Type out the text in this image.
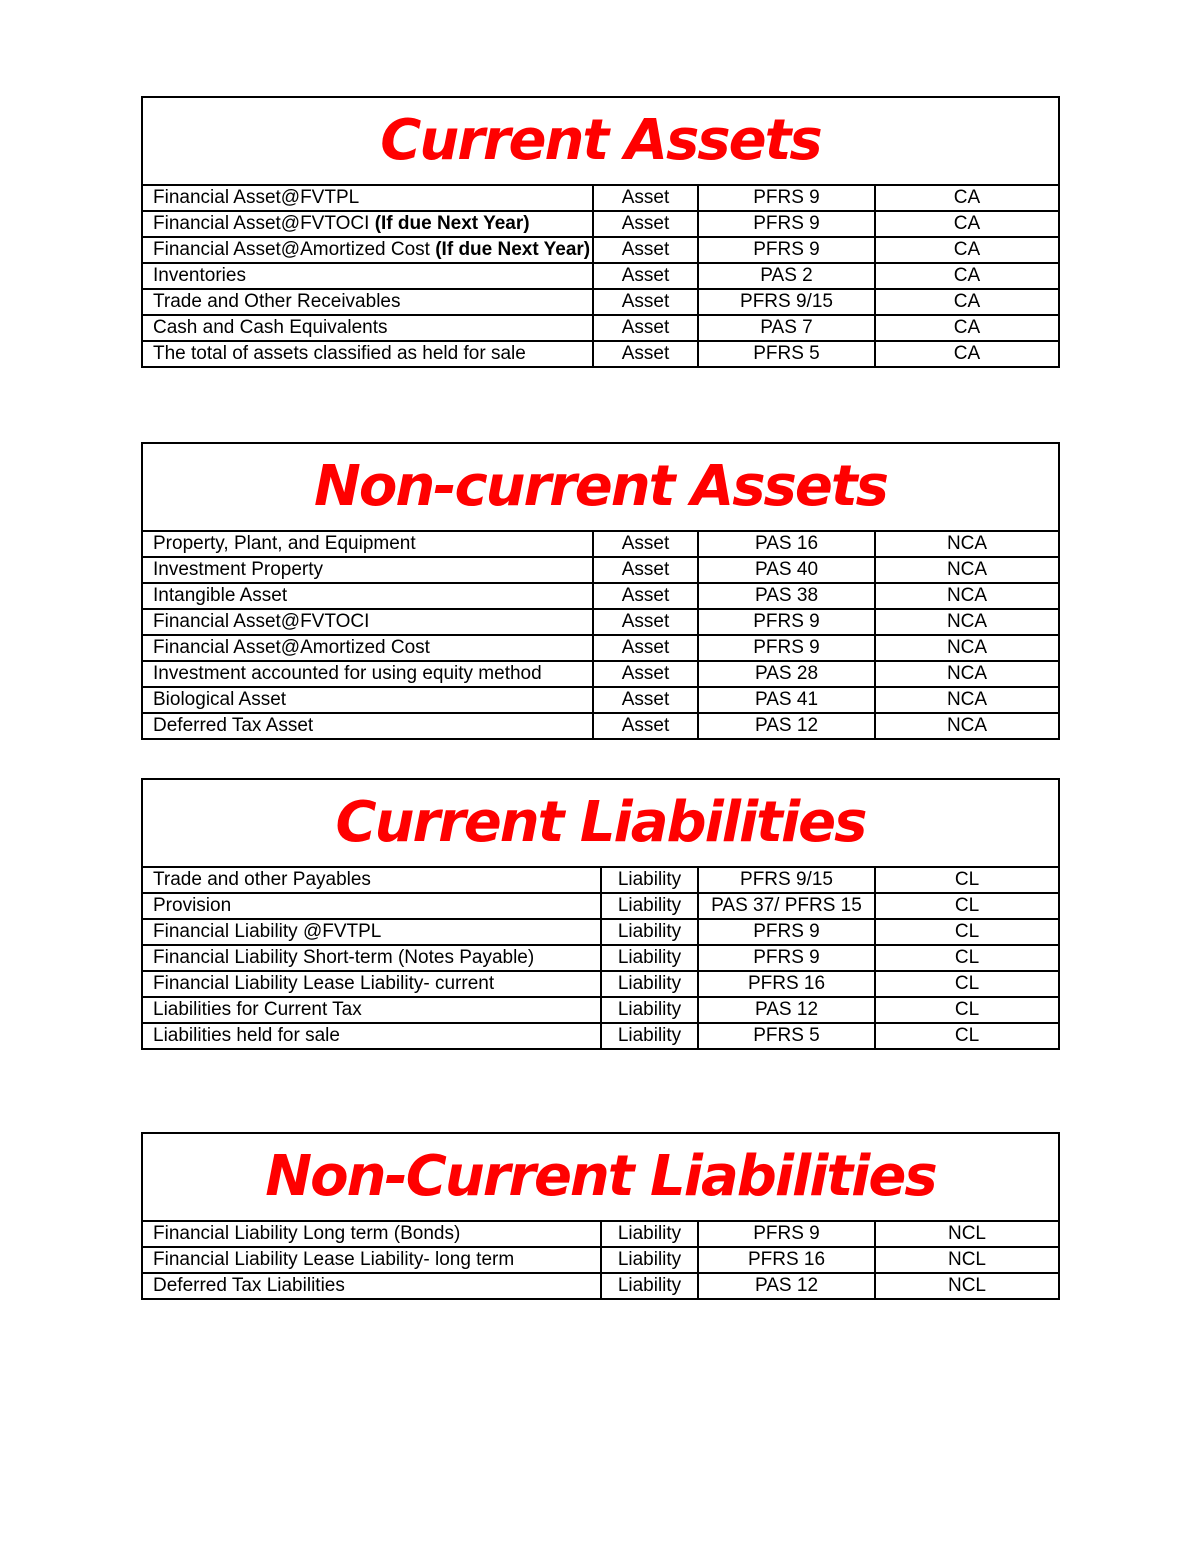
Current Assets
Financial Asset@FVTPL	Asset	PFRS 9	CA
Financial Asset@FVTOCI (If due Next Year)	Asset	PFRS 9	CA
Financial Asset@Amortized Cost (If due Next Year)	Asset	PFRS 9	CA
Inventories	Asset	PAS 2	CA
Trade and Other Receivables	Asset	PFRS 9/15	CA
Cash and Cash Equivalents	Asset	PAS 7	CA
The total of assets classified as held for sale	Asset	PFRS 5	CA
Non-current Assets
Property, Plant, and Equipment	Asset	PAS 16	NCA
Investment Property	Asset	PAS 40	NCA
Intangible Asset	Asset	PAS 38	NCA
Financial Asset@FVTOCI	Asset	PFRS 9	NCA
Financial Asset@Amortized Cost	Asset	PFRS 9	NCA
Investment accounted for using equity method	Asset	PAS 28	NCA
Biological Asset	Asset	PAS 41	NCA
Deferred Tax Asset	Asset	PAS 12	NCA
Current Liabilities
Trade and other Payables	Liability	PFRS 9/15	CL
Provision	Liability	PAS 37/ PFRS 15	CL
Financial Liability @FVTPL	Liability	PFRS 9	CL
Financial Liability Short-term (Notes Payable)	Liability	PFRS 9	CL
Financial Liability Lease Liability- current	Liability	PFRS 16	CL
Liabilities for Current Tax	Liability	PAS 12	CL
Liabilities held for sale	Liability	PFRS 5	CL
Non-Current Liabilities
Financial Liability Long term (Bonds)	Liability	PFRS 9	NCL
Financial Liability Lease Liability- long term	Liability	PFRS 16	NCL
Deferred Tax Liabilities	Liability	PAS 12	NCL
